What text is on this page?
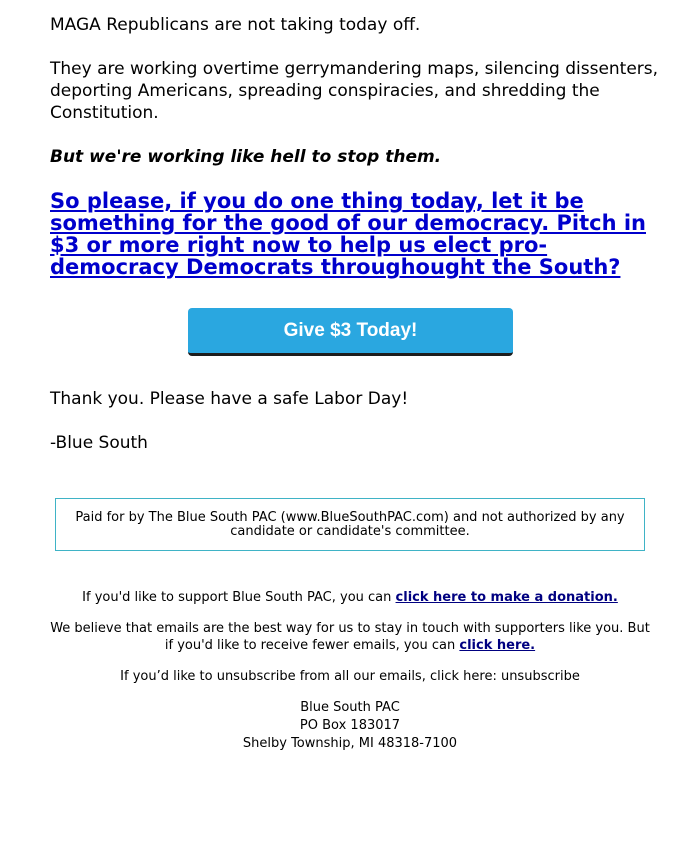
MAGA Republicans are not taking today off.

They are working overtime gerrymandering maps, silencing dissenters, deporting Americans, spreading conspiracies, and shredding the Constitution.

But we're working like hell to stop them.

So please, if you do one thing today, let it be something for the good of our democracy. Pitch in $3 or more right now to help us elect pro-democracy Democrats throughought the South?
Give $3 Today!

Thank you. Please have a safe Labor Day!

-Blue South

Paid for by The Blue South PAC (www.BlueSouthPAC.com) and not authorized by any candidate or candidate's committee.

If you'd like to support Blue South PAC, you can click here to make a donation.

We believe that emails are the best way for us to stay in touch with supporters like you. But if you'd like to receive fewer emails, you can click here.

If you’d like to unsubscribe from all our emails, click here: unsubscribe

Blue South PAC
PO Box 183017
Shelby Township, MI 48318-7100
